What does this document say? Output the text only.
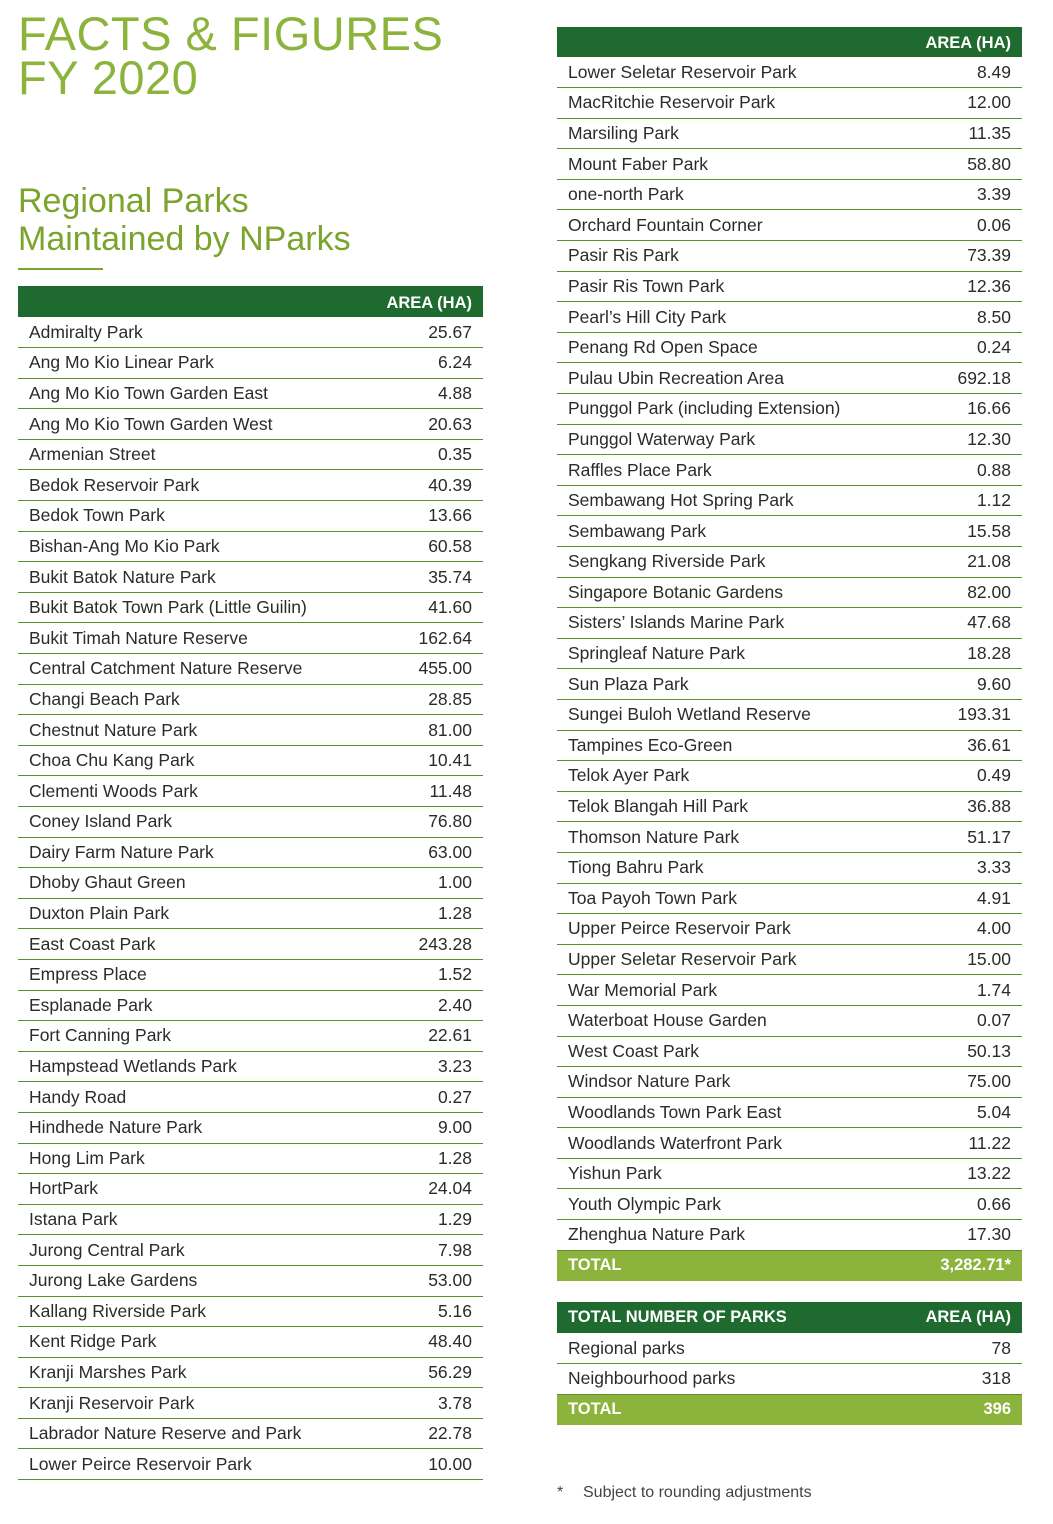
FACTS & FIGURES
FY 2020
Regional Parks
Maintained by NParks
	AREA (HA)
Admiralty Park	25.67
Ang Mo Kio Linear Park	6.24
Ang Mo Kio Town Garden East	4.88
Ang Mo Kio Town Garden West	20.63
Armenian Street	0.35
Bedok Reservoir Park	40.39
Bedok Town Park	13.66
Bishan-Ang Mo Kio Park	60.58
Bukit Batok Nature Park	35.74
Bukit Batok Town Park (Little Guilin)	41.60
Bukit Timah Nature Reserve	162.64
Central Catchment Nature Reserve	455.00
Changi Beach Park	28.85
Chestnut Nature Park	81.00
Choa Chu Kang Park	10.41
Clementi Woods Park	11.48
Coney Island Park	76.80
Dairy Farm Nature Park	63.00
Dhoby Ghaut Green	1.00
Duxton Plain Park	1.28
East Coast Park	243.28
Empress Place	1.52
Esplanade Park	2.40
Fort Canning Park	22.61
Hampstead Wetlands Park	3.23
Handy Road	0.27
Hindhede Nature Park	9.00
Hong Lim Park	1.28
HortPark	24.04
Istana Park	1.29
Jurong Central Park	7.98
Jurong Lake Gardens	53.00
Kallang Riverside Park	5.16
Kent Ridge Park	48.40
Kranji Marshes Park	56.29
Kranji Reservoir Park	3.78
Labrador Nature Reserve and Park	22.78
Lower Peirce Reservoir Park	10.00
	AREA (HA)
Lower Seletar Reservoir Park	8.49
MacRitchie Reservoir Park	12.00
Marsiling Park	11.35
Mount Faber Park	58.80
one-north Park	3.39
Orchard Fountain Corner	0.06
Pasir Ris Park	73.39
Pasir Ris Town Park	12.36
Pearl’s Hill City Park	8.50
Penang Rd Open Space	0.24
Pulau Ubin Recreation Area	692.18
Punggol Park (including Extension)	16.66
Punggol Waterway Park	12.30
Raffles Place Park	0.88
Sembawang Hot Spring Park	1.12
Sembawang Park	15.58
Sengkang Riverside Park	21.08
Singapore Botanic Gardens	82.00
Sisters’ Islands Marine Park	47.68
Springleaf Nature Park	18.28
Sun Plaza Park	9.60
Sungei Buloh Wetland Reserve	193.31
Tampines Eco-Green	36.61
Telok Ayer Park	0.49
Telok Blangah Hill Park	36.88
Thomson Nature Park	51.17
Tiong Bahru Park	3.33
Toa Payoh Town Park	4.91
Upper Peirce Reservoir Park	4.00
Upper Seletar Reservoir Park	15.00
War Memorial Park	1.74
Waterboat House Garden	0.07
West Coast Park	50.13
Windsor Nature Park	75.00
Woodlands Town Park East	5.04
Woodlands Waterfront Park	11.22
Yishun Park	13.22
Youth Olympic Park	0.66
Zhenghua Nature Park	17.30
TOTAL	3,282.71*
TOTAL NUMBER OF PARKS	AREA (HA)
Regional parks	78
Neighbourhood parks	318
TOTAL	396
* Subject to rounding adjustments
